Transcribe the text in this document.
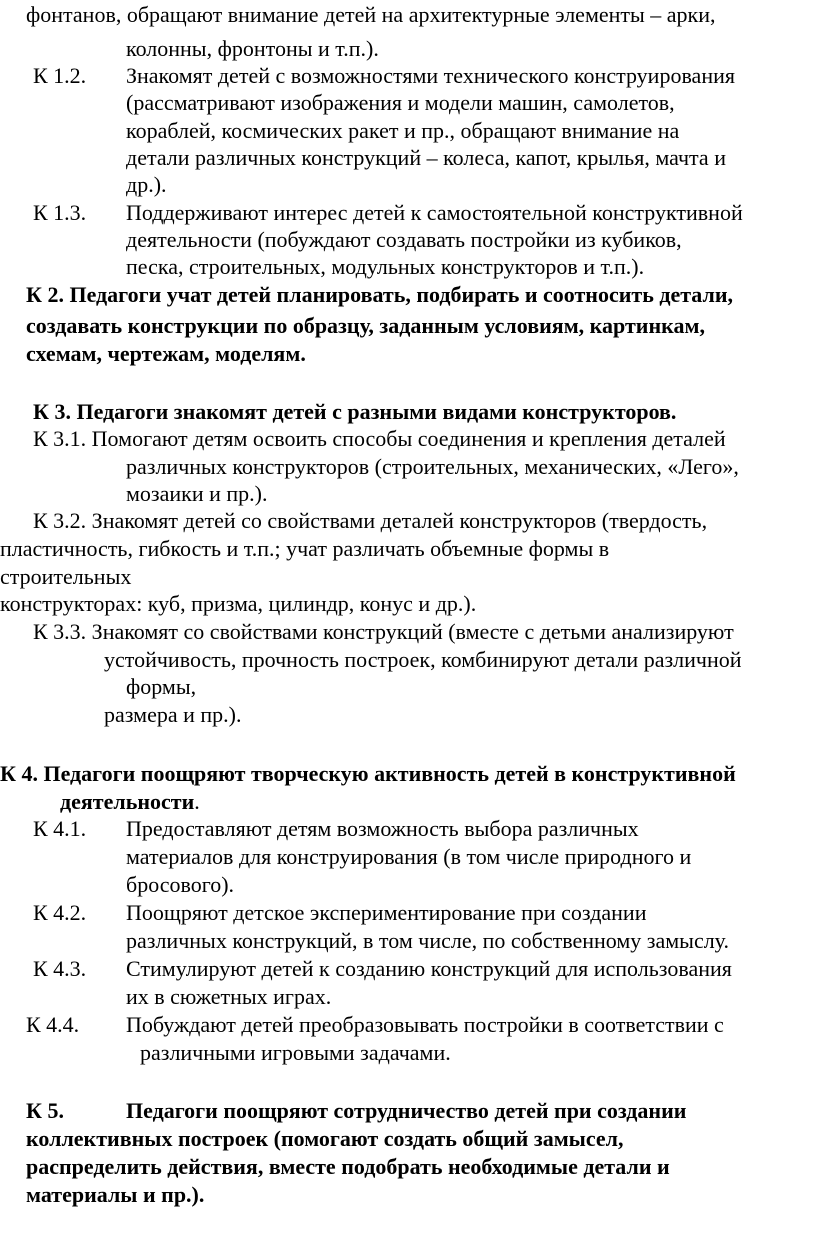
фонтанов, обращают внимание детей на архитектурные элементы – арки,

колонны, фронтоны и т.п.).

К 1.2. Знакомят детей с возможностями технического конструирования

(рассматривают изображения и модели машин, самолетов,

кораблей, космических ракет и пр., обращают внимание на

детали различных конструкций – колеса, капот, крылья, мачта и

др.).

К 1.3. Поддерживают интерес детей к самостоятельной конструктивной

деятельности (побуждают создавать постройки из кубиков,

песка, строительных, модульных конструкторов и т.п.).

К 2. Педагоги учат детей планировать, подбирать и соотносить детали,

создавать конструкции по образцу, заданным условиям, картинкам,

схемам, чертежам, моделям.

К 3. Педагоги знакомят детей с разными видами конструкторов.

К 3.1. Помогают детям освоить способы соединения и крепления деталей

различных конструкторов (строительных, механических, «Лего»,

мозаики и пр.).

К 3.2. Знакомят детей со свойствами деталей конструкторов (твердость,

пластичность, гибкость и т.п.; учат различать объемные формы в

строительных

конструкторах: куб, призма, цилиндр, конус и др.).

К 3.3. Знакомят со свойствами конструкций (вместе с детьми анализируют

устойчивость, прочность построек, комбинируют детали различной

формы,

размера и пр.).

К 4. Педагоги поощряют творческую активность детей в конструктивной

деятельности.

К 4.1. Предоставляют детям возможность выбора различных

материалов для конструирования (в том числе природного и

бросового).

К 4.2. Поощряют детское экспериментирование при создании

различных конструкций, в том числе, по собственному замыслу.

К 4.3. Стимулируют детей к созданию конструкций для использования

их в сюжетных играх.

К 4.4. Побуждают детей преобразовывать постройки в соответствии с

различными игровыми задачами.

К 5.	Педагоги поощряют сотрудничество детей при создании

коллективных построек (помогают создать общий замысел,

распределить действия, вместе подобрать необходимые детали и

материалы и пр.).
